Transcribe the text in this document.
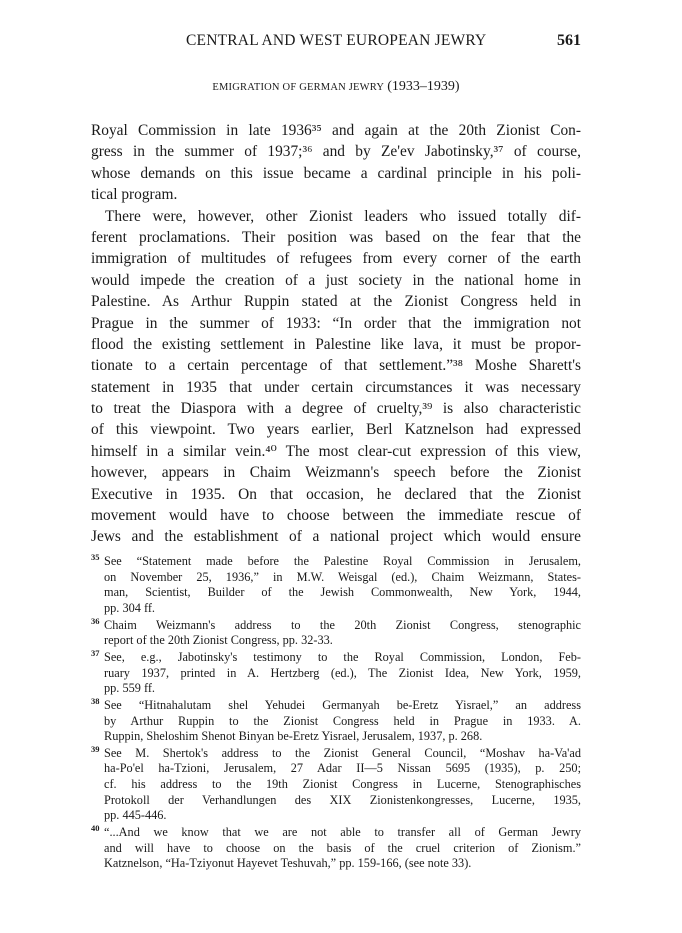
CENTRAL AND WEST EUROPEAN JEWRY	561
EMIGRATION OF GERMAN JEWRY (1933–1939)
Royal Commission in late 1936³⁵ and again at the 20th Zionist Con-
gress in the summer of 1937;³⁶ and by Ze'ev Jabotinsky,³⁷ of course,
whose demands on this issue became a cardinal principle in his poli-
tical program.
There were, however, other Zionist leaders who issued totally dif-
ferent proclamations. Their position was based on the fear that the
immigration of multitudes of refugees from every corner of the earth
would impede the creation of a just society in the national home in
Palestine. As Arthur Ruppin stated at the Zionist Congress held in
Prague in the summer of 1933: “In order that the immigration not
flood the existing settlement in Palestine like lava, it must be propor-
tionate to a certain percentage of that settlement.”³⁸ Moshe Sharett's
statement in 1935 that under certain circumstances it was necessary
to treat the Diaspora with a degree of cruelty,³⁹ is also characteristic
of this viewpoint. Two years earlier, Berl Katznelson had expressed
himself in a similar vein.⁴⁰ The most clear-cut expression of this view,
however, appears in Chaim Weizmann's speech before the Zionist
Executive in 1935. On that occasion, he declared that the Zionist
movement would have to choose between the immediate rescue of
Jews and the establishment of a national project which would ensure
35 See “Statement made before the Palestine Royal Commission in Jerusalem,
on November 25, 1936,” in M.W. Weisgal (ed.), Chaim Weizmann, States-
man, Scientist, Builder of the Jewish Commonwealth, New York, 1944,
pp. 304 ff.
36 Chaim Weizmann's address to the 20th Zionist Congress, stenographic
report of the 20th Zionist Congress, pp. 32-33.
37 See, e.g., Jabotinsky's testimony to the Royal Commission, London, Feb-
ruary 1937, printed in A. Hertzberg (ed.), The Zionist Idea, New York, 1959,
pp. 559 ff.
38 See “Hitnahalutam shel Yehudei Germanyah be-Eretz Yisrael,” an address
by Arthur Ruppin to the Zionist Congress held in Prague in 1933. A.
Ruppin, Sheloshim Shenot Binyan be-Eretz Yisrael, Jerusalem, 1937, p. 268.
39 See M. Shertok's address to the Zionist General Council, “Moshav ha-Va'ad
ha-Po'el ha-Tzioni, Jerusalem, 27 Adar II—5 Nissan 5695 (1935), p. 250;
cf. his address to the 19th Zionist Congress in Lucerne, Stenographisches
Protokoll der Verhandlungen des XIX Zionistenkongresses, Lucerne, 1935,
pp. 445-446.
40 “...And we know that we are not able to transfer all of German Jewry
and will have to choose on the basis of the cruel criterion of Zionism.”
Katznelson, “Ha-Tziyonut Hayevet Teshuvah,” pp. 159-166, (see note 33).
